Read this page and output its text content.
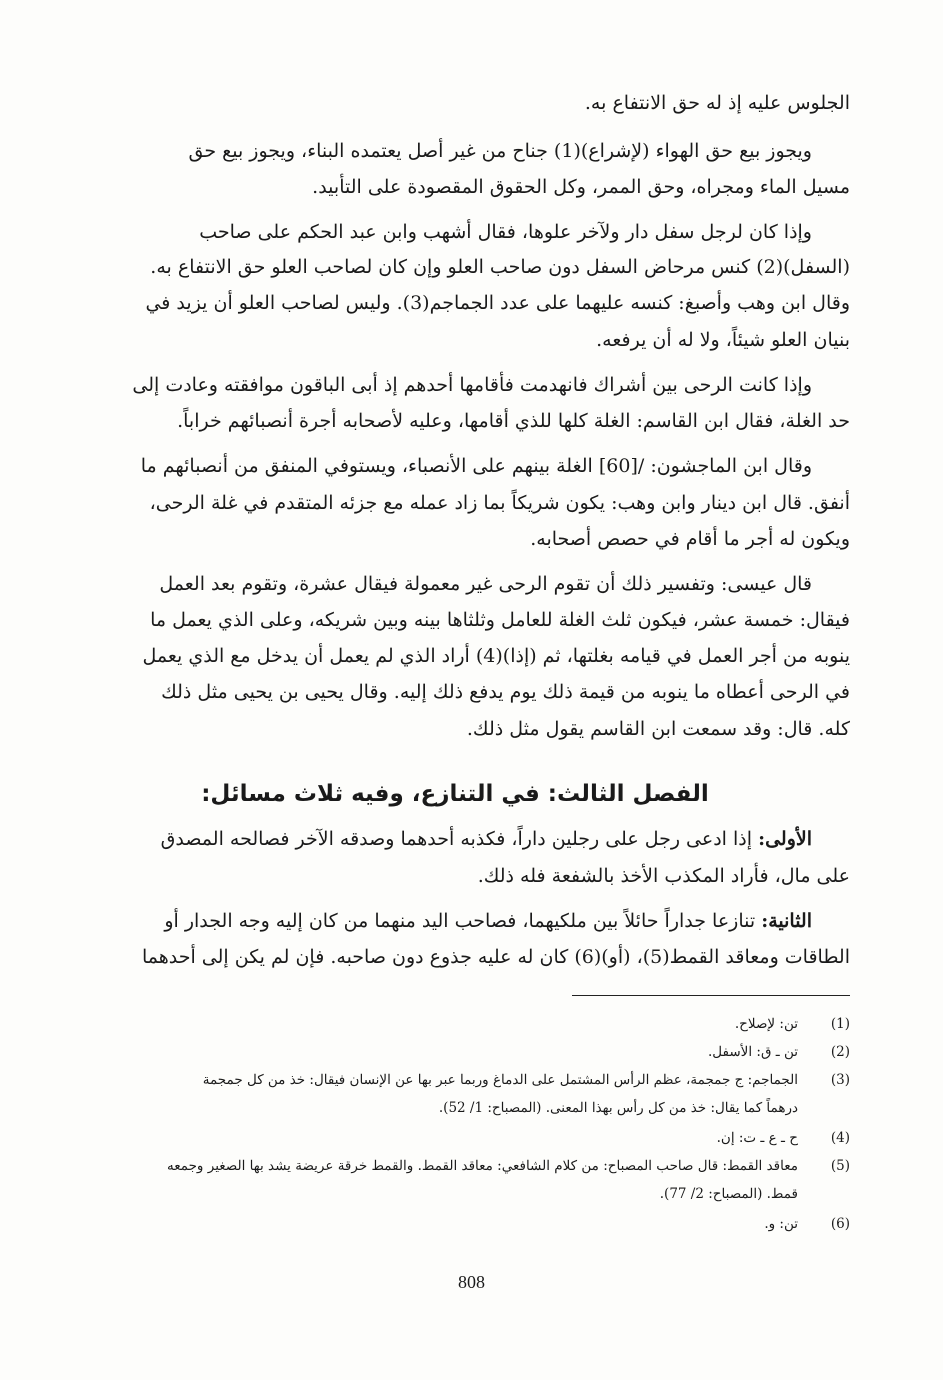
الجلوس عليه إذ له حق الانتفاع به.
ويجوز بيع حق الهواء (لإشراع)(1) جناح من غير أصل يعتمده البناء، ويجوز بيع حق
مسيل الماء ومجراه، وحق الممر، وكل الحقوق المقصودة على التأبيد.
وإذا كان لرجل سفل دار ولآخر علوها، فقال أشهب وابن عبد الحكم على صاحب
(السفل)(2) كنس مرحاض السفل دون صاحب العلو وإن كان لصاحب العلو حق الانتفاع به.
وقال ابن وهب وأصبغ: كنسه عليهما على عدد الجماجم(3). وليس لصاحب العلو أن يزيد في
بنيان العلو شيئاً، ولا له أن يرفعه.
وإذا كانت الرحى بين أشراك فانهدمت فأقامها أحدهم إذ أبى الباقون موافقته وعادت إلى
حد الغلة، فقال ابن القاسم: الغلة كلها للذي أقامها، وعليه لأصحابه أجرة أنصبائهم خراباً.
وقال ابن الماجشون: /[60] الغلة بينهم على الأنصباء، ويستوفي المنفق من أنصبائهم ما
أنفق. قال ابن دينار وابن وهب: يكون شريكاً بما زاد عمله مع جزئه المتقدم في غلة الرحى،
ويكون له أجر ما أقام في حصص أصحابه.
قال عيسى: وتفسير ذلك أن تقوم الرحى غير معمولة فيقال عشرة، وتقوم بعد العمل
فيقال: خمسة عشر، فيكون ثلث الغلة للعامل وثلثاها بينه وبين شريكه، وعلى الذي يعمل ما
ينوبه من أجر العمل في قيامه بغلتها، ثم (إذا)(4) أراد الذي لم يعمل أن يدخل مع الذي يعمل
في الرحى أعطاه ما ينوبه من قيمة ذلك يوم يدفع ذلك إليه. وقال يحيى بن يحيى مثل ذلك
كله. قال: وقد سمعت ابن القاسم يقول مثل ذلك.
الفصل الثالث: في التنازع، وفيه ثلاث مسائل:
الأولى: إذا ادعى رجل على رجلين داراً، فكذبه أحدهما وصدقه الآخر فصالحه المصدق
على مال، فأراد المكذب الأخذ بالشفعة فله ذلك.
الثانية: تنازعا جداراً حائلاً بين ملكيهما، فصاحب اليد منهما من كان إليه وجه الجدار أو
الطاقات ومعاقد القمط(5)، (أو)(6) كان له عليه جذوع دون صاحبه. فإن لم يكن إلى أحدهما
(1)تن: لإصلاح.
(2)تن ـ ق: الأسفل.
(3)الجماجم: ج جمجمة، عظم الرأس المشتمل على الدماغ وربما عبر بها عن الإنسان فيقال: خذ من كل جمجمة
درهماً كما يقال: خذ من كل رأس بهذا المعنى. (المصباح: 1/ 52).
(4)ح ـ ع ـ ت: إن.
(5)معاقد القمط: قال صاحب المصباح: من كلام الشافعي: معاقد القمط. والقمط خرقة عريضة يشد بها الصغير وجمعه
قمط. (المصباح: 2/ 77).
(6)تن: و.
808
